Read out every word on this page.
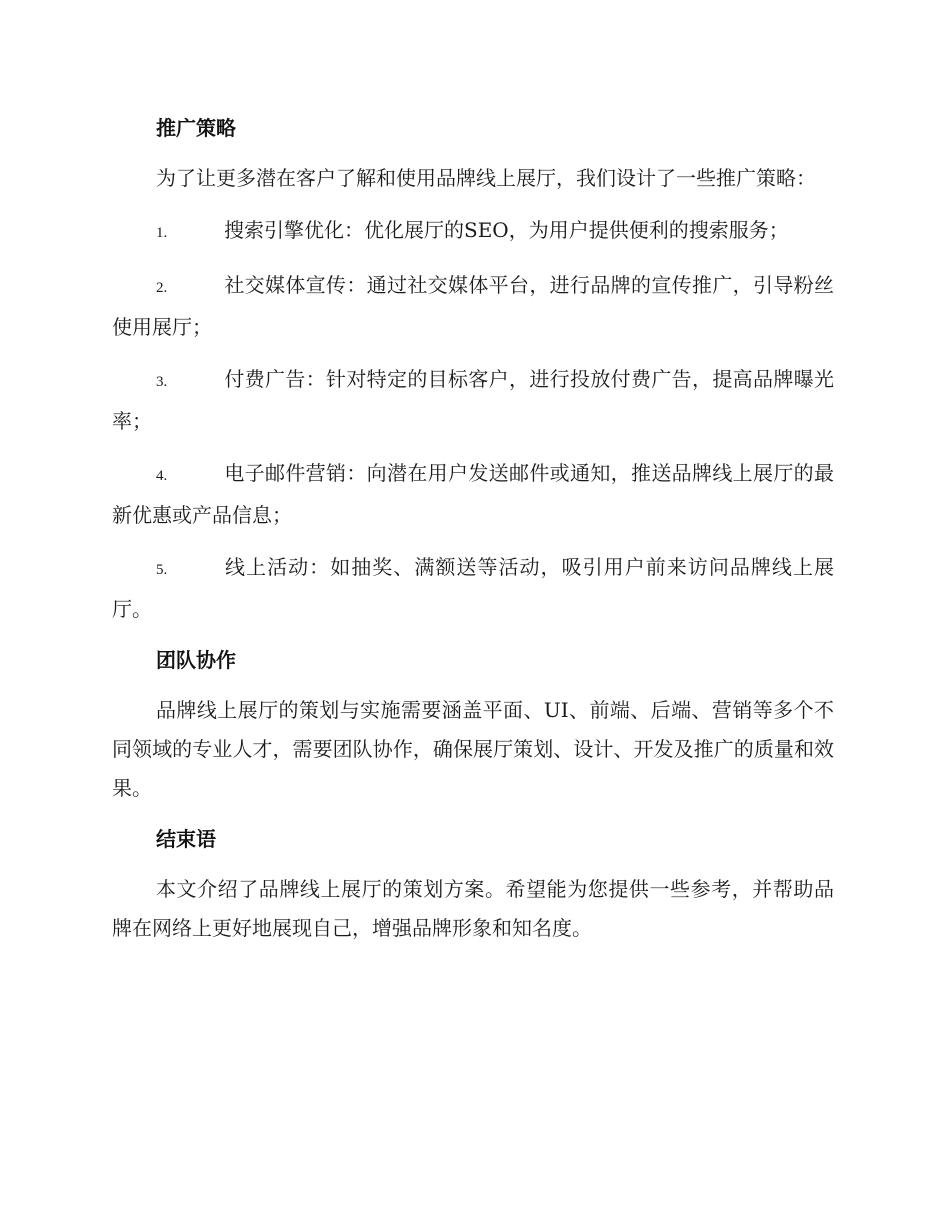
推广策略

为了让更多潜在客户了解和使用品牌线上展厅，我们设计了一些推广策略：

1.	搜索引擎优化：优化展厅的SEO，为用户提供便利的搜索服务；

2.	社交媒体宣传：通过社交媒体平台，进行品牌的宣传推广，引导粉丝使用展厅；

3.	付费广告：针对特定的目标客户，进行投放付费广告，提高品牌曝光率；

4.	电子邮件营销：向潜在用户发送邮件或通知，推送品牌线上展厅的最新优惠或产品信息；

5.	线上活动：如抽奖、满额送等活动，吸引用户前来访问品牌线上展厅。

团队协作

品牌线上展厅的策划与实施需要涵盖平面、UI、前端、后端、营销等多个不同领域的专业人才，需要团队协作，确保展厅策划、设计、开发及推广的质量和效果。

结束语

本文介绍了品牌线上展厅的策划方案。希望能为您提供一些参考，并帮助品牌在网络上更好地展现自己，增强品牌形象和知名度。
